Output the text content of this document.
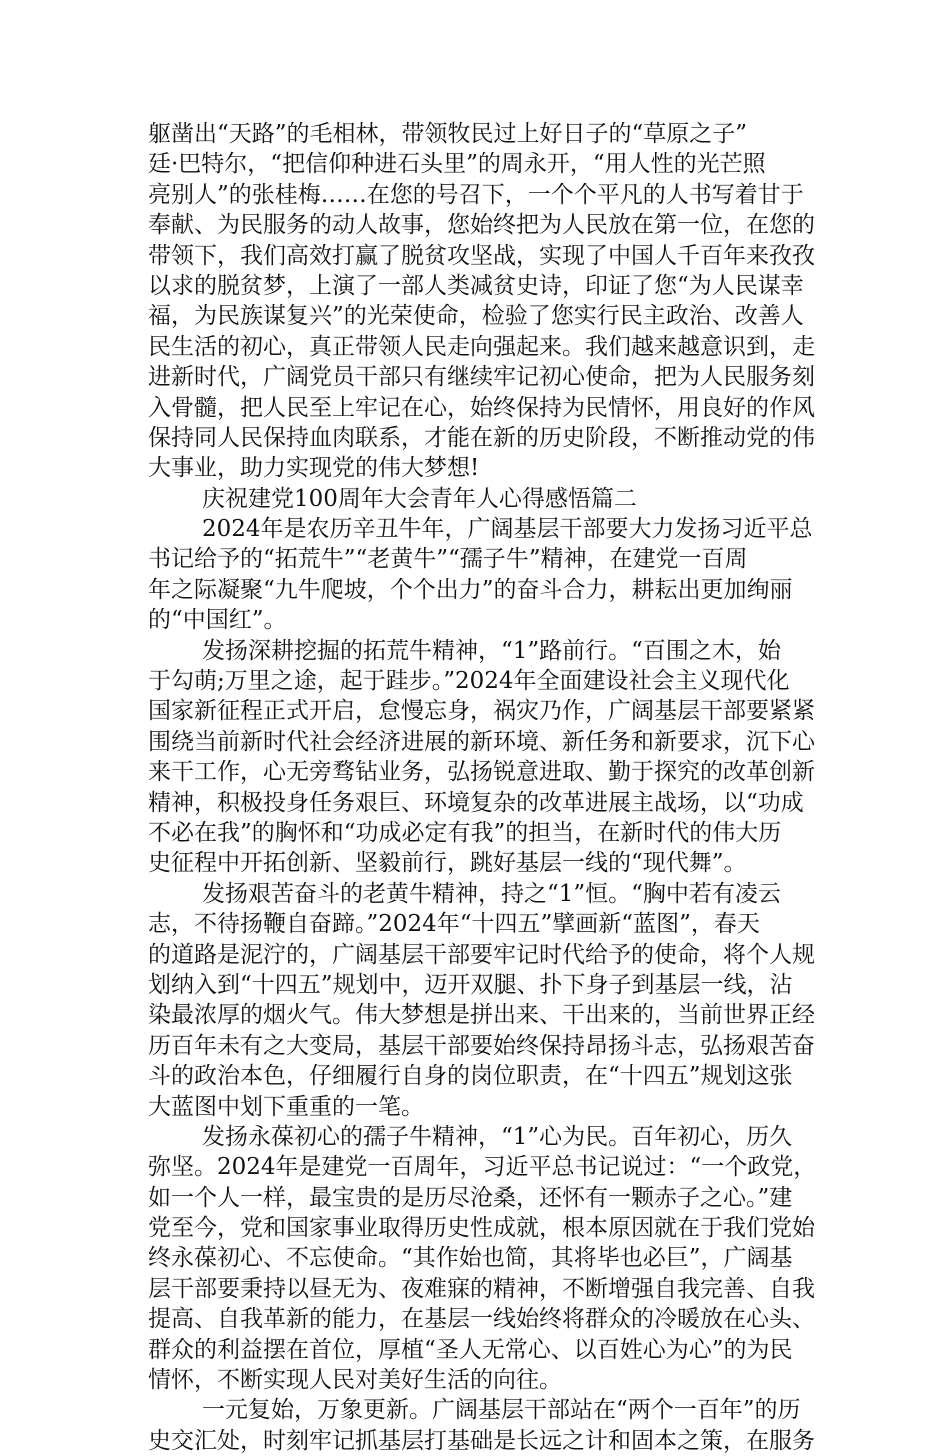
躯凿出“天路”的毛相林，带领牧民过上好日子的“草原之子”
廷·巴特尔，“把信仰种进石头里”的周永开，“用人性的光芒照
亮别人”的张桂梅……在您的号召下，一个个平凡的人书写着甘于
奉献、为民服务的动人故事，您始终把为人民放在第一位，在您的
带领下，我们高效打赢了脱贫攻坚战，实现了中国人千百年来孜孜
以求的脱贫梦，上演了一部人类减贫史诗，印证了您“为人民谋幸
福，为民族谋复兴”的光荣使命，检验了您实行民主政治、改善人
民生活的初心，真正带领人民走向强起来。我们越来越意识到，走
进新时代，广阔党员干部只有继续牢记初心使命，把为人民服务刻
入骨髓，把人民至上牢记在心，始终保持为民情怀，用良好的作风
保持同人民保持血肉联系，才能在新的历史阶段，不断推动党的伟
大事业，助力实现党的伟大梦想!
庆祝建党100周年大会青年人心得感悟篇二
2024年是农历辛丑牛年，广阔基层干部要大力发扬习近平总
书记给予的“拓荒牛”“老黄牛”“孺子牛”精神，在建党一百周
年之际凝聚“九牛爬坡，个个出力”的奋斗合力，耕耘出更加绚丽
的“中国红”。
发扬深耕挖掘的拓荒牛精神，“1”路前行。“百围之木，始
于勾萌;万里之途，起于跬步。”2024年全面建设社会主义现代化
国家新征程正式开启，怠慢忘身，祸灾乃作，广阔基层干部要紧紧
围绕当前新时代社会经济进展的新环境、新任务和新要求，沉下心
来干工作，心无旁骛钻业务，弘扬锐意进取、勤于探究的改革创新
精神，积极投身任务艰巨、环境复杂的改革进展主战场，以“功成
不必在我”的胸怀和“功成必定有我”的担当，在新时代的伟大历
史征程中开拓创新、坚毅前行，跳好基层一线的“现代舞”。
发扬艰苦奋斗的老黄牛精神，持之“1”恒。“胸中若有凌云
志，不待扬鞭自奋蹄。”2024年“十四五”擘画新“蓝图”，春天
的道路是泥泞的，广阔基层干部要牢记时代给予的使命，将个人规
划纳入到“十四五”规划中，迈开双腿、扑下身子到基层一线，沾
染最浓厚的烟火气。伟大梦想是拼出来、干出来的，当前世界正经
历百年未有之大变局，基层干部要始终保持昂扬斗志，弘扬艰苦奋
斗的政治本色，仔细履行自身的岗位职责，在“十四五”规划这张
大蓝图中划下重重的一笔。
发扬永葆初心的孺子牛精神，“1”心为民。百年初心，历久
弥坚。2024年是建党一百周年，习近平总书记说过：“一个政党，
如一个人一样，最宝贵的是历尽沧桑，还怀有一颗赤子之心。”建
党至今，党和国家事业取得历史性成就，根本原因就在于我们党始
终永葆初心、不忘使命。“其作始也简，其将毕也必巨”，广阔基
层干部要秉持以昼无为、夜难寐的精神，不断增强自我完善、自我
提高、自我革新的能力，在基层一线始终将群众的冷暖放在心头、
群众的利益摆在首位，厚植“圣人无常心、以百姓心为心”的为民
情怀，不断实现人民对美好生活的向往。
一元复始，万象更新。广阔基层干部站在“两个一百年”的历
史交汇处，时刻牢记抓基层打基础是长远之计和固本之策，在服务
